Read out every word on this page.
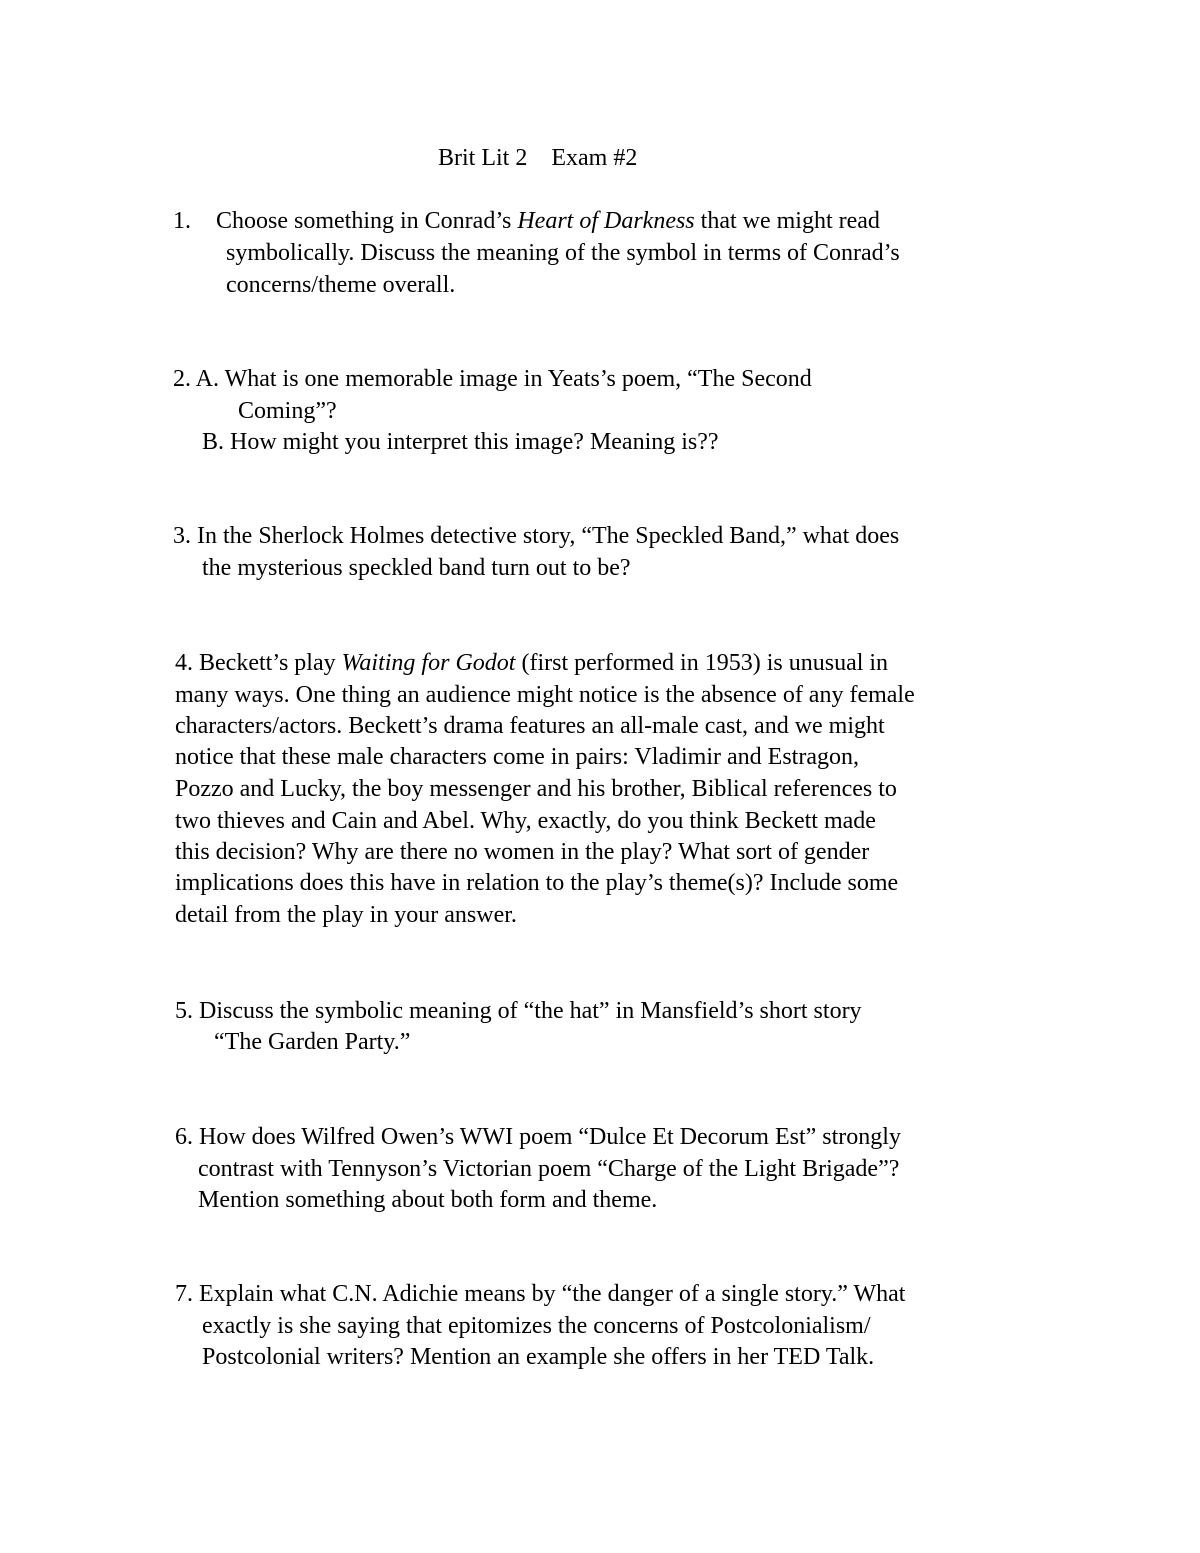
Brit Lit 2 Exam #2
1. Choose something in Conrad’s Heart of Darkness that we might read
symbolically. Discuss the meaning of the symbol in terms of Conrad’s
concerns/theme overall.
2. A. What is one memorable image in Yeats’s poem, “The Second
Coming”?
B. How might you interpret this image? Meaning is??
3. In the Sherlock Holmes detective story, “The Speckled Band,” what does
the mysterious speckled band turn out to be?
4. Beckett’s play Waiting for Godot (first performed in 1953) is unusual in
many ways. One thing an audience might notice is the absence of any female
characters/actors. Beckett’s drama features an all-male cast, and we might
notice that these male characters come in pairs: Vladimir and Estragon,
Pozzo and Lucky, the boy messenger and his brother, Biblical references to
two thieves and Cain and Abel. Why, exactly, do you think Beckett made
this decision? Why are there no women in the play? What sort of gender
implications does this have in relation to the play’s theme(s)? Include some
detail from the play in your answer.
5. Discuss the symbolic meaning of “the hat” in Mansfield’s short story
“The Garden Party.”
6. How does Wilfred Owen’s WWI poem “Dulce Et Decorum Est” strongly
contrast with Tennyson’s Victorian poem “Charge of the Light Brigade”?
Mention something about both form and theme.
7. Explain what C.N. Adichie means by “the danger of a single story.” What
exactly is she saying that epitomizes the concerns of Postcolonialism/
Postcolonial writers? Mention an example she offers in her TED Talk.
